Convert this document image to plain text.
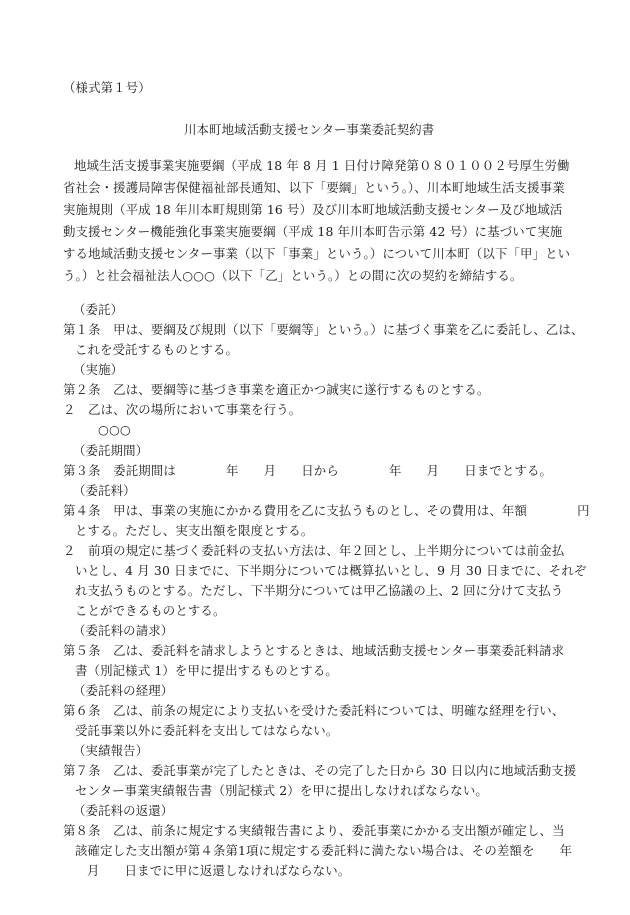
（様式第１号）
川本町地域活動支援センター事業委託契約書
地域生活支援事業実施要綱（平成 18 年 8 月 1 日付け障発第０８０１００２号厚生労働
省社会・援護局障害保健福祉部長通知、以下「要綱」という。）、川本町地域生活支援事業
実施規則（平成 18 年川本町規則第 16 号）及び川本町地域活動支援センター及び地域活
動支援センター機能強化事業実施要綱（平成 18 年川本町告示第 42 号）に基づいて実施
する地域活動支援センター事業（以下「事業」という。）について川本町（以下「甲」とい
う。）と社会福祉法人○○○（以下「乙」という。）との間に次の契約を締結する。
（委託）
第１条　甲は、要綱及び規則（以下「要綱等」という。）に基づく事業を乙に委託し、乙は、
これを受託するものとする。
（実施）
第２条　乙は、要綱等に基づき事業を適正かつ誠実に遂行するものとする。
２　乙は、次の場所において事業を行う。
○○○
（委託期間）
第３条　委託期間は　　　　年　　月　　日から　　　　年　　月　　日までとする。
（委託料）
第４条　甲は、事業の実施にかかる費用を乙に支払うものとし、その費用は、年額　　　　円
とする。ただし、実支出額を限度とする。
２　前項の規定に基づく委託料の支払い方法は、年２回とし、上半期分については前金払
いとし、4 月 30 日までに、下半期分については概算払いとし、9 月 30 日までに、それぞ
れ支払うものとする。ただし、下半期分については甲乙協議の上、2 回に分けて支払う
ことができるものとする。
（委託料の請求）
第５条　乙は、委託料を請求しようとするときは、地域活動支援センター事業委託料請求
書（別記様式 1）を甲に提出するものとする。
（委託料の経理）
第６条　乙は、前条の規定により支払いを受けた委託料については、明確な経理を行い、
受託事業以外に委託料を支出してはならない。
（実績報告）
第７条　乙は、委託事業が完了したときは、その完了した日から 30 日以内に地域活動支援
センター事業実績報告書（別記様式 2）を甲に提出しなければならない。
（委託料の返還）
第８条　乙は、前条に規定する実績報告書により、委託事業にかかる支出額が確定し、当
該確定した支出額が第４条第1項に規定する委託料に満たない場合は、その差額を　　年
月　　日までに甲に返還しなければならない。
